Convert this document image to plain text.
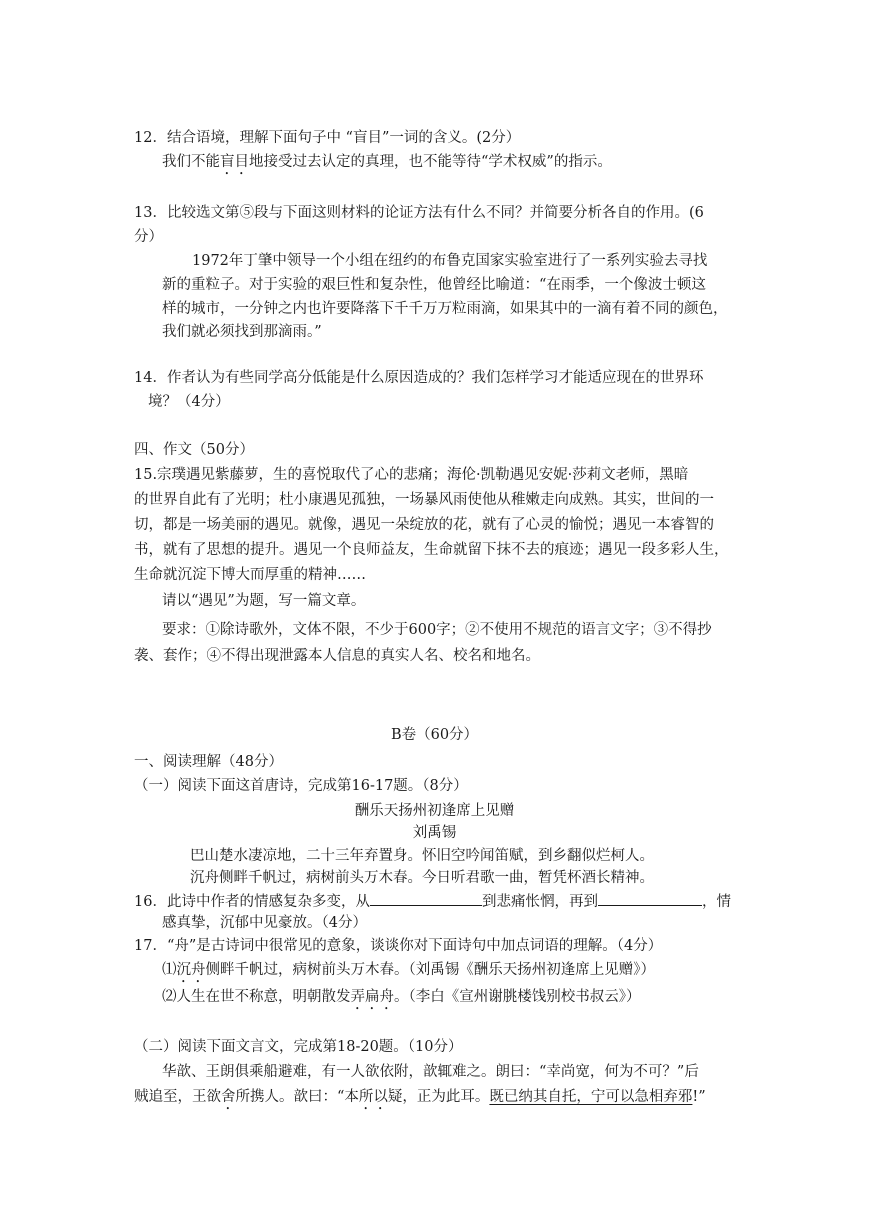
12．结合语境，理解下面句子中 “盲目”一词的含义。(2分）
我们不能盲目地接受过去认定的真理，也不能等待“学术权威”的指示。
13．比较选文第⑤段与下面这则材料的论证方法有什么不同？并简要分析各自的作用。(6
分）
1972年丁肇中领导一个小组在纽约的布鲁克国家实验室进行了一系列实验去寻找
新的重粒子。对于实验的艰巨性和复杂性，他曾经比喻道：“在雨季，一个像波士顿这
样的城市，一分钟之内也许要降落下千千万万粒雨滴，如果其中的一滴有着不同的颜色，
我们就必须找到那滴雨。”
14．作者认为有些同学高分低能是什么原因造成的？我们怎样学习才能适应现在的世界环
境？（4分）
四、作文（50分）
15.宗璞遇见紫藤萝，生的喜悦取代了心的悲痛；海伦·凯勒遇见安妮·莎莉文老师，黑暗
的世界自此有了光明；杜小康遇见孤独，一场暴风雨使他从稚嫩走向成熟。其实，世间的一
切，都是一场美丽的遇见。就像，遇见一朵绽放的花，就有了心灵的愉悦；遇见一本睿智的
书，就有了思想的提升。遇见一个良师益友，生命就留下抹不去的痕迹；遇见一段多彩人生，
生命就沉淀下博大而厚重的精神……
请以“遇见”为题，写一篇文章。
要求：①除诗歌外，文体不限，不少于600字；②不使用不规范的语言文字；③不得抄
袭、套作；④不得出现泄露本人信息的真实人名、校名和地名。
B卷（60分）
一、阅读理解（48分）
（一）阅读下面这首唐诗，完成第16-17题。（8分）
酬乐天扬州初逢席上见赠
刘禹锡
巴山楚水凄凉地，二十三年弃置身。怀旧空吟闻笛赋，到乡翻似烂柯人。
沉舟侧畔千帆过，病树前头万木春。今日听君歌一曲，暂凭杯酒长精神。
16．此诗中作者的情感复杂多变，从	到悲痛怅惘，再到	，情
感真挚，沉郁中见豪放。（4分）
17．“舟”是古诗词中很常见的意象，谈谈你对下面诗句中加点词语的理解。（4分）
⑴沉舟侧畔千帆过，病树前头万木春。（刘禹锡《酬乐天扬州初逢席上见赠》）
⑵人生在世不称意，明朝散发弄扁舟。（李白《宣州谢朓楼饯别校书叔云》）
（二）阅读下面文言文，完成第18-20题。（10分）
华歆、王朗俱乘船避难，有一人欲依附，歆辄难之。朗曰：“幸尚宽，何为不可？”后
贼追至，王欲舍所携人。歆曰：“本所以疑，正为此耳。既已纳其自托，宁可以急相弃邪!”
